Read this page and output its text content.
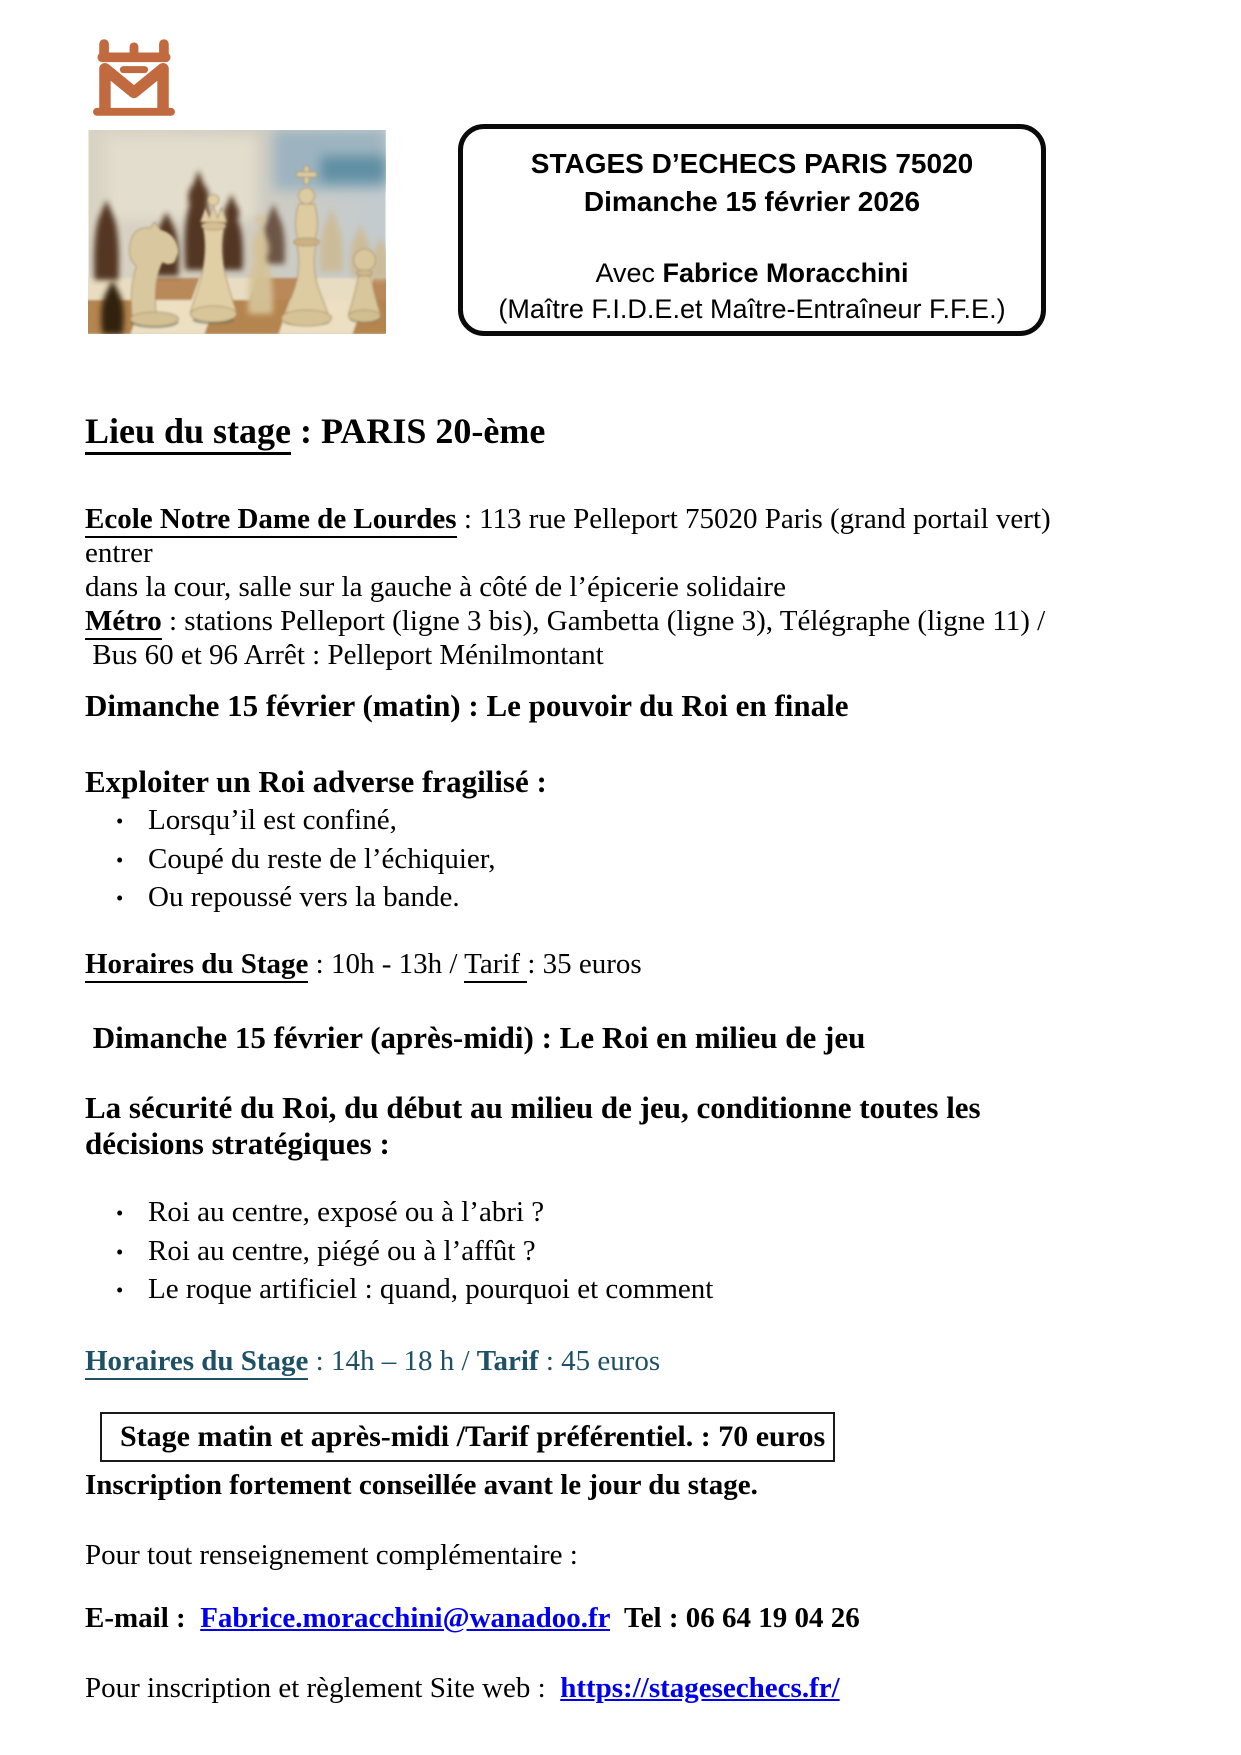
STAGES D’ECHECS PARIS 75020
Dimanche 15 février 2026
Avec Fabrice Moracchini
(Maître F.I.D.E.et Maître-Entraîneur F.F.E.)

Lieu du stage : PARIS 20-ème

Ecole Notre Dame de Lourdes : 113 rue Pelleport 75020 Paris (grand portail vert) entrer
dans la cour, salle sur la gauche à côté de l’épicerie solidaire

Métro : stations Pelleport (ligne 3 bis), Gambetta (ligne 3), Télégraphe (ligne 11) /
Bus 60 et 96 Arrêt : Pelleport Ménilmontant

Dimanche 15 février (matin) : Le pouvoir du Roi en finale

Exploiter un Roi adverse fragilisé :

• Lorsqu’il est confiné,
• Coupé du reste de l’échiquier,
• Ou repoussé vers la bande.

Horaires du Stage : 10h - 13h / Tarif : 35 euros

Dimanche 15 février (après-midi) : Le Roi en milieu de jeu

La sécurité du Roi, du début au milieu de jeu, conditionne toutes les
décisions stratégiques :

• Roi au centre, exposé ou à l’abri ?
• Roi au centre, piégé ou à l’affût ?
• Le roque artificiel : quand, pourquoi et comment

Horaires du Stage : 14h – 18 h / Tarif : 45 euros

Stage matin et après-midi /Tarif préférentiel. : 70 euros

Inscription fortement conseillée avant le jour du stage.

Pour tout renseignement complémentaire :

E-mail :  Fabrice.moracchini@wanadoo.fr  Tel : 06 64 19 04 26

Pour inscription et règlement Site web :  https://stagesechecs.fr/
